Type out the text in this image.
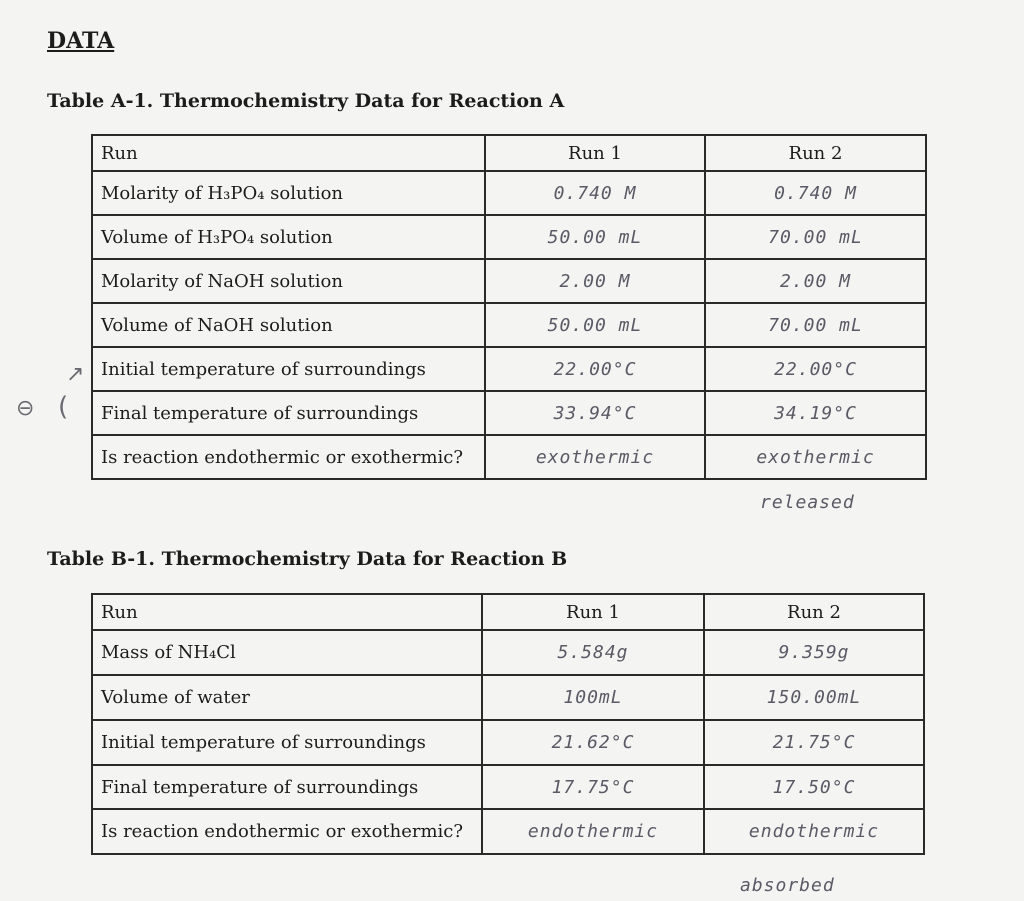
DATA
Table A-1. Thermochemistry Data for Reaction A
Run	Run 1	Run 2
Molarity of H₃PO₄ solution	0.740 M	0.740 M
Volume of H₃PO₄ solution	50.00 mL	70.00 mL
Molarity of NaOH solution	2.00 M	2.00 M
Volume of NaOH solution	50.00 mL	70.00 mL
Initial temperature of surroundings	22.00°C	22.00°C
Final temperature of surroundings	33.94°C	34.19°C
Is reaction endothermic or exothermic?	exothermic	exothermic
released
Table B-1. Thermochemistry Data for Reaction B
Run	Run 1	Run 2
Mass of NH₄Cl	5.584g	9.359g
Volume of water	100mL	150.00mL
Initial temperature of surroundings	21.62°C	21.75°C
Final temperature of surroundings	17.75°C	17.50°C
Is reaction endothermic or exothermic?	endothermic	endothermic
absorbed
⊖ (
↗
